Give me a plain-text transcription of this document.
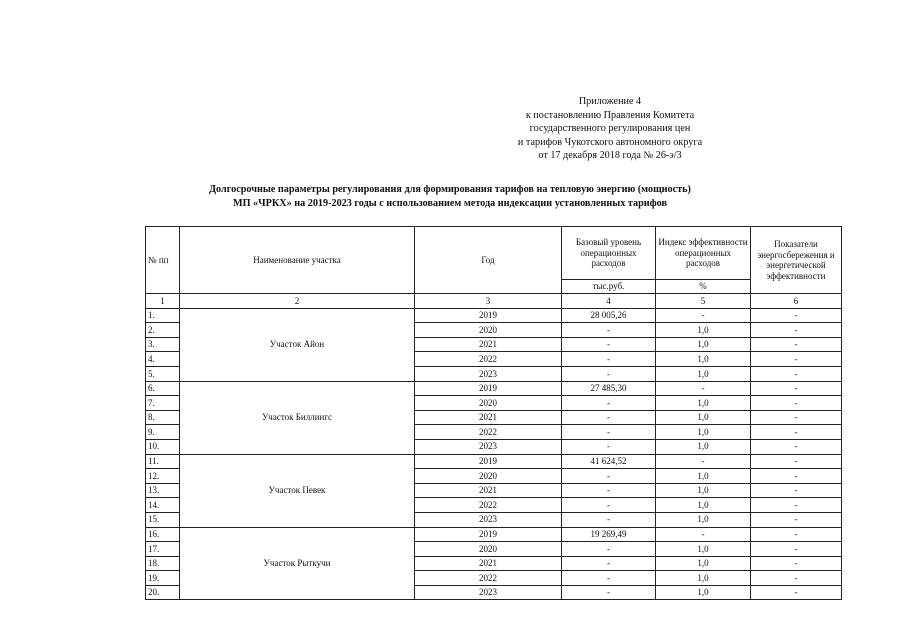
Приложение 4
к постановлению Правления Комитета
государственного регулирования цен
и тарифов Чукотского автономного округа
от 17 декабря 2018 года № 26-э/3
Долгосрочные параметры регулирования для формирования тарифов на тепловую энергию (мощность)
МП «ЧРКХ» на 2019-2023 годы с использованием метода индексации установленных тарифов
№ пп	Наименование участка	Год	Базовый уровень операционных расходов	Индекс эффективности операционных расходов	Показатели энергосбережения и энергетической эффективности
			тыс.руб.	%	
1	2	3	4	5	6
1.	Участок Айон	2019	28 005,26	-	-
2.		2020	-	1,0	-
3.		2021	-	1,0	-
4.		2022	-	1,0	-
5.		2023	-	1,0	-
6.	Участок Биллингс	2019	27 485,30	-	-
7.		2020	-	1,0	-
8.		2021	-	1,0	-
9.		2022	-	1,0	-
10.		2023	-	1,0	-
11.	Участок Певек	2019	41 624,52	-	-
12.		2020	-	1,0	-
13.		2021	-	1,0	-
14.		2022	-	1,0	-
15.		2023	-	1,0	-
16.	Участок Рыткучи	2019	19 269,49	-	-
17.		2020	-	1,0	-
18.		2021	-	1,0	-
19.		2022	-	1,0	-
20.		2023	-	1,0	-
